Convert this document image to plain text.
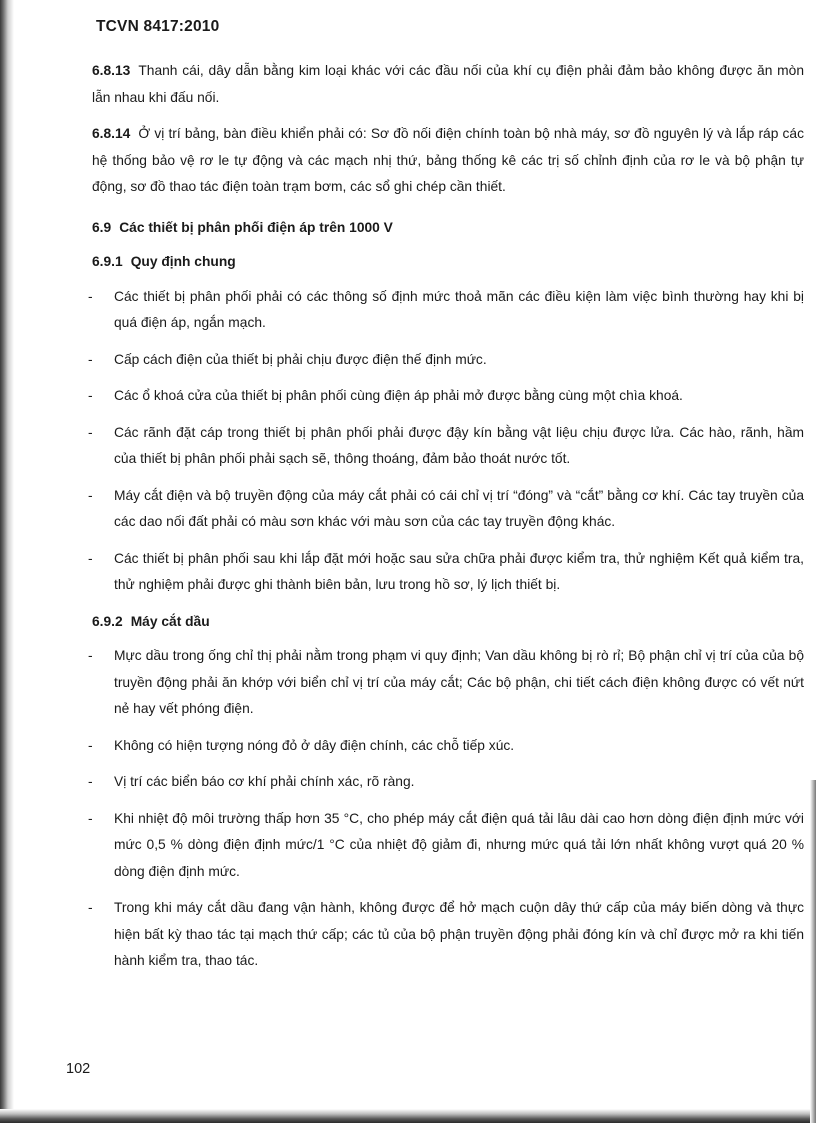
TCVN 8417:2010

6.8.13 Thanh cái, dây dẫn bằng kim loại khác với các đầu nối của khí cụ điện phải đảm bảo không được ăn mòn lẫn nhau khi đấu nối.

6.8.14 Ở vị trí bảng, bàn điều khiển phải có: Sơ đồ nối điện chính toàn bộ nhà máy, sơ đồ nguyên lý và lắp ráp các hệ thống bảo vệ rơ le tự động và các mạch nhị thứ, bảng thống kê các trị số chỉnh định của rơ le và bộ phận tự động, sơ đồ thao tác điện toàn trạm bơm, các sổ ghi chép cần thiết.

6.9 Các thiết bị phân phối điện áp trên 1000 V
6.9.1 Quy định chung
- Các thiết bị phân phối phải có các thông số định mức thoả mãn các điều kiện làm việc bình thường hay khi bị quá điện áp, ngắn mạch.
- Cấp cách điện của thiết bị phải chịu được điện thế định mức.
- Các ổ khoá cửa của thiết bị phân phối cùng điện áp phải mở được bằng cùng một chìa khoá.
- Các rãnh đặt cáp trong thiết bị phân phối phải được đậy kín bằng vật liệu chịu được lửa. Các hào, rãnh, hầm của thiết bị phân phối phải sạch sẽ, thông thoáng, đảm bảo thoát nước tốt.
- Máy cắt điện và bộ truyền động của máy cắt phải có cái chỉ vị trí “đóng” và “cắt” bằng cơ khí. Các tay truyền của các dao nối đất phải có màu sơn khác với màu sơn của các tay truyền động khác.
- Các thiết bị phân phối sau khi lắp đặt mới hoặc sau sửa chữa phải được kiểm tra, thử nghiệm Kết quả kiểm tra, thử nghiệm phải được ghi thành biên bản, lưu trong hồ sơ, lý lịch thiết bị.
6.9.2 Máy cắt dầu
- Mực dầu trong ống chỉ thị phải nằm trong phạm vi quy định; Van dầu không bị rò rỉ; Bộ phận chỉ vị trí của của bộ truyền động phải ăn khớp với biển chỉ vị trí của máy cắt; Các bộ phận, chi tiết cách điện không được có vết nứt nẻ hay vết phóng điện.
- Không có hiện tượng nóng đỏ ở dây điện chính, các chỗ tiếp xúc.
- Vị trí các biển báo cơ khí phải chính xác, rõ ràng.
- Khi nhiệt độ môi trường thấp hơn 35 °C, cho phép máy cắt điện quá tải lâu dài cao hơn dòng điện định mức với mức 0,5 % dòng điện định mức/1 °C của nhiệt độ giảm đi, nhưng mức quá tải lớn nhất không vượt quá 20 % dòng điện định mức.
- Trong khi máy cắt dầu đang vận hành, không được để hở mạch cuộn dây thứ cấp của máy biến dòng và thực hiện bất kỳ thao tác tại mạch thứ cấp; các tủ của bộ phận truyền động phải đóng kín và chỉ được mở ra khi tiến hành kiểm tra, thao tác.
102
